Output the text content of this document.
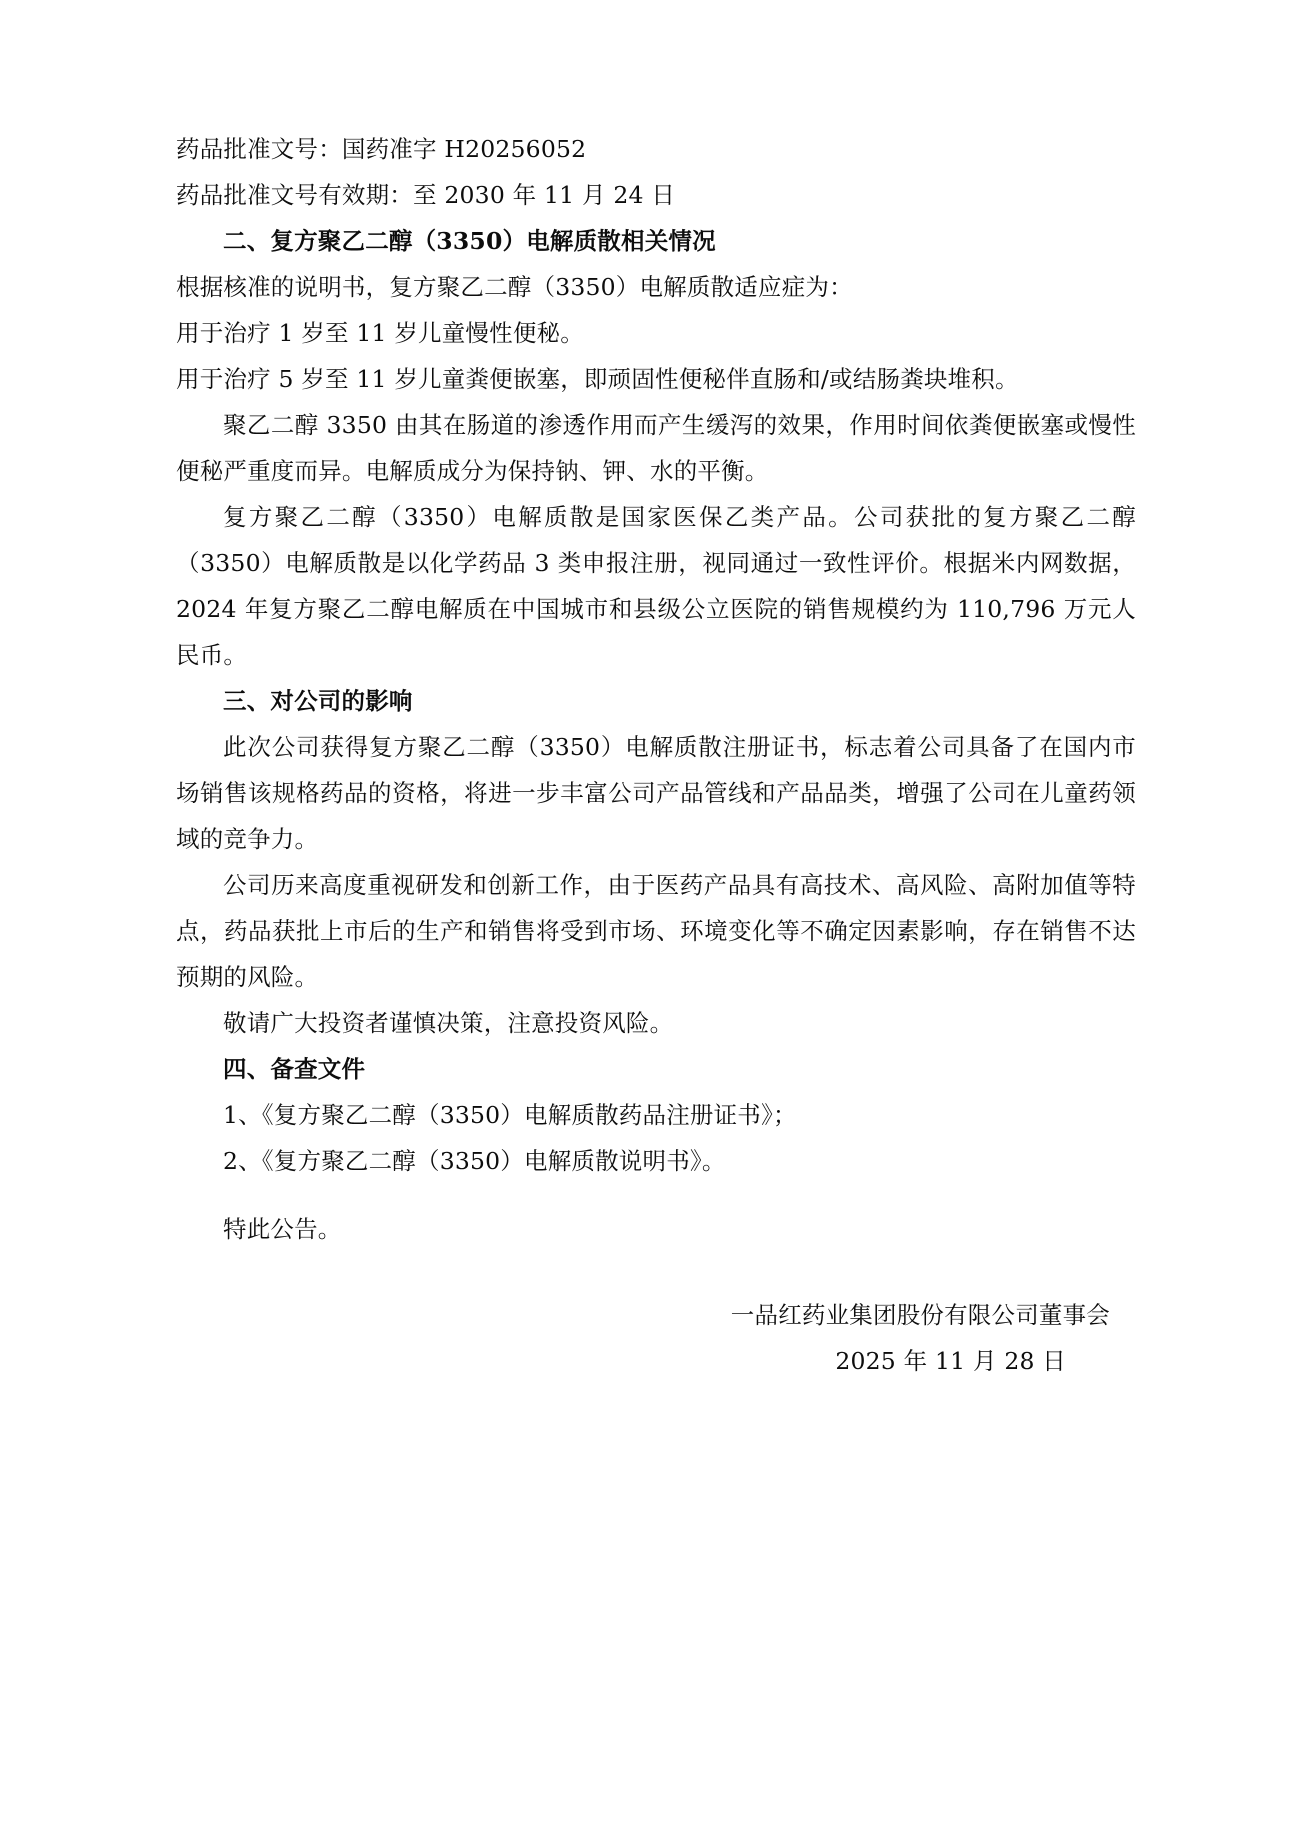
药品批准文号：国药准字 H20256052

药品批准文号有效期：至 2030 年 11 月 24 日

二、复方聚乙二醇（3350）电解质散相关情况

根据核准的说明书，复方聚乙二醇（3350）电解质散适应症为：

用于治疗 1 岁至 11 岁儿童慢性便秘。

用于治疗 5 岁至 11 岁儿童粪便嵌塞，即顽固性便秘伴直肠和/或结肠粪块堆积。

聚乙二醇 3350 由其在肠道的渗透作用而产生缓泻的效果，作用时间依粪便嵌塞或慢性便秘严重度而异。电解质成分为保持钠、钾、水的平衡。

复方聚乙二醇（3350）电解质散是国家医保乙类产品。公司获批的复方聚乙二醇（3350）电解质散是以化学药品 3 类申报注册，视同通过一致性评价。根据米内网数据，2024 年复方聚乙二醇电解质在中国城市和县级公立医院的销售规模约为 110,796 万元人民币。

三、对公司的影响

此次公司获得复方聚乙二醇（3350）电解质散注册证书，标志着公司具备了在国内市场销售该规格药品的资格，将进一步丰富公司产品管线和产品品类，增强了公司在儿童药领域的竞争力。

公司历来高度重视研发和创新工作，由于医药产品具有高技术、高风险、高附加值等特点，药品获批上市后的生产和销售将受到市场、环境变化等不确定因素影响，存在销售不达预期的风险。

敬请广大投资者谨慎决策，注意投资风险。

四、备查文件

1、《复方聚乙二醇（3350）电解质散药品注册证书》；

2、《复方聚乙二醇（3350）电解质散说明书》。

特此公告。

一品红药业集团股份有限公司董事会

2025 年 11 月 28 日
